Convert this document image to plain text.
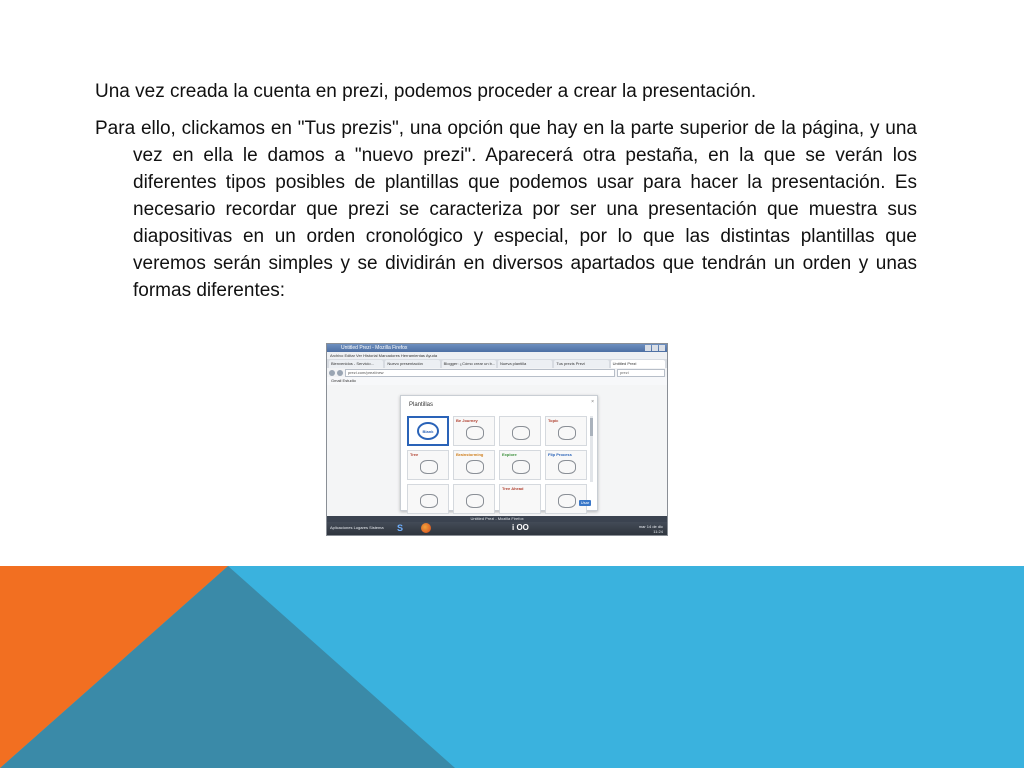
Una vez creada la cuenta en prezi, podemos proceder a crear la presentación.

Para ello, clickamos en "Tus prezis", una opción que hay en la parte superior de la página, y una vez en ella le damos a "nuevo prezi". Aparecerá otra pestaña, en la que se verán los diferentes tipos posibles de plantillas que podemos usar para hacer la presentación. Es necesario recordar que prezi se caracteriza por ser una presentación que muestra sus diapositivas en un orden cronológico y especial, por lo que las distintas plantillas que veremos serán simples y se dividirán en diversos apartados que tendrán un orden y unas formas diferentes:

Untitled Prezi - Mozilla Firefox
Archivo Editar Ver Historial Marcadores Herramientas Ayuda
Bienvenidos - Servicio...	Nuevo presentación	Blogger: ¿Cómo crear un b...	Nueva plantilla	Tus prezis Prezi	Untitled Prezi
prezi.com/prezi/new	prezi
Gmail Estudio
Plantillas	×
Blank
Be Journey	Topic
Tree	Brainstorming	Explore	Flip Process
Tree Ahead
Usar
Untitled Prezi - Mozilla Firefox
Aplicaciones Lugares Sistema S	i OO	mar 14 de dic
11:24
